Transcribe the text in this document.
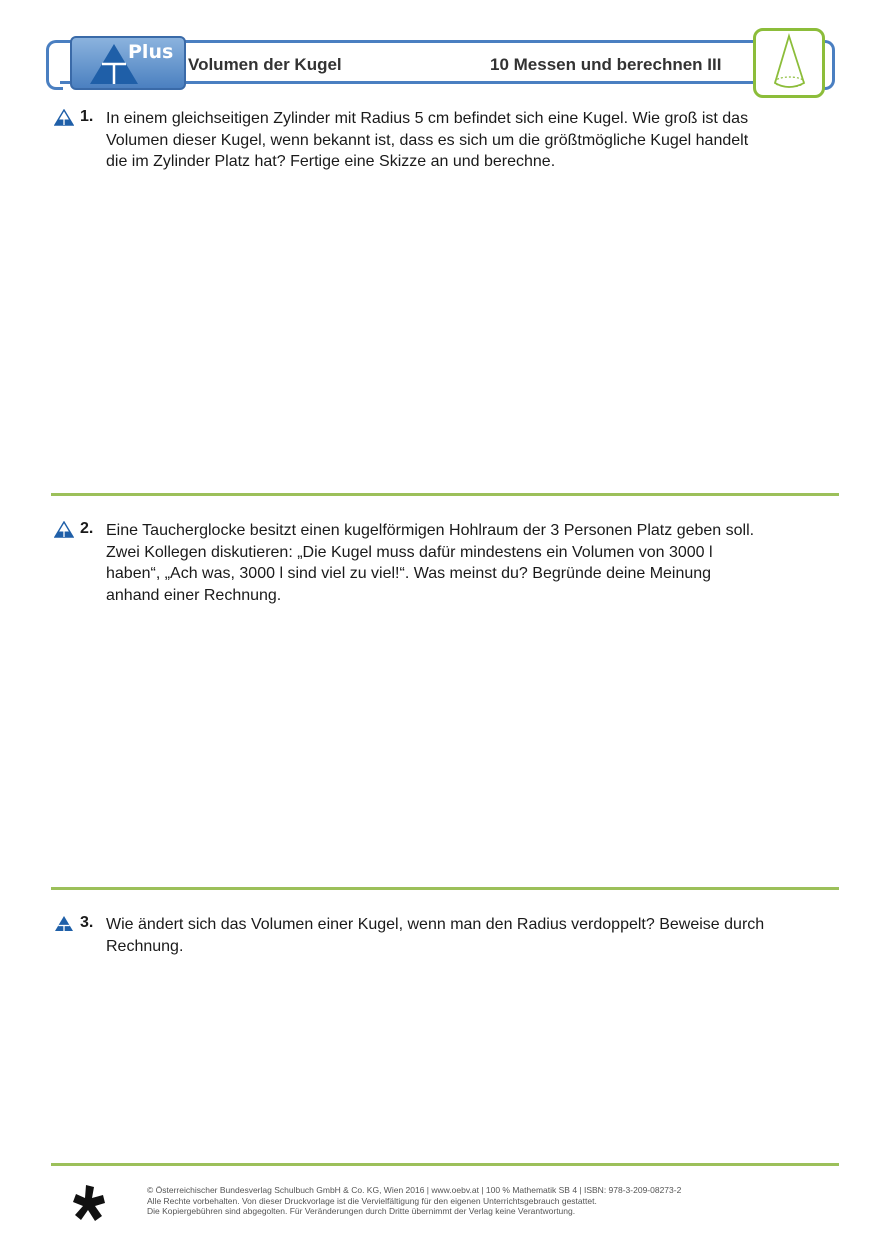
Plus
Volumen der Kugel	10 Messen und berechnen III
1. In einem gleichseitigen Zylinder mit Radius 5 cm befindet sich eine Kugel. Wie groß ist das
Volumen dieser Kugel, wenn bekannt ist, dass es sich um die größtmögliche Kugel handelt
die im Zylinder Platz hat? Fertige eine Skizze an und berechne.
2. Eine Taucherglocke besitzt einen kugelförmigen Hohlraum der 3 Personen Platz geben soll.
Zwei Kollegen diskutieren: „Die Kugel muss dafür mindestens ein Volumen von 3000 l
haben“, „Ach was, 3000 l sind viel zu viel!“. Was meinst du? Begründe deine Meinung
anhand einer Rechnung.
3. Wie ändert sich das Volumen einer Kugel, wenn man den Radius verdoppelt? Beweise durch
Rechnung.
© Österreichischer Bundesverlag Schulbuch GmbH & Co. KG, Wien 2016 | www.oebv.at | 100 % Mathematik SB 4 | ISBN: 978-3-209-08273-2
Alle Rechte vorbehalten. Von dieser Druckvorlage ist die Vervielfältigung für den eigenen Unterrichtsgebrauch gestattet.
Die Kopiergebühren sind abgegolten. Für Veränderungen durch Dritte übernimmt der Verlag keine Verantwortung.
